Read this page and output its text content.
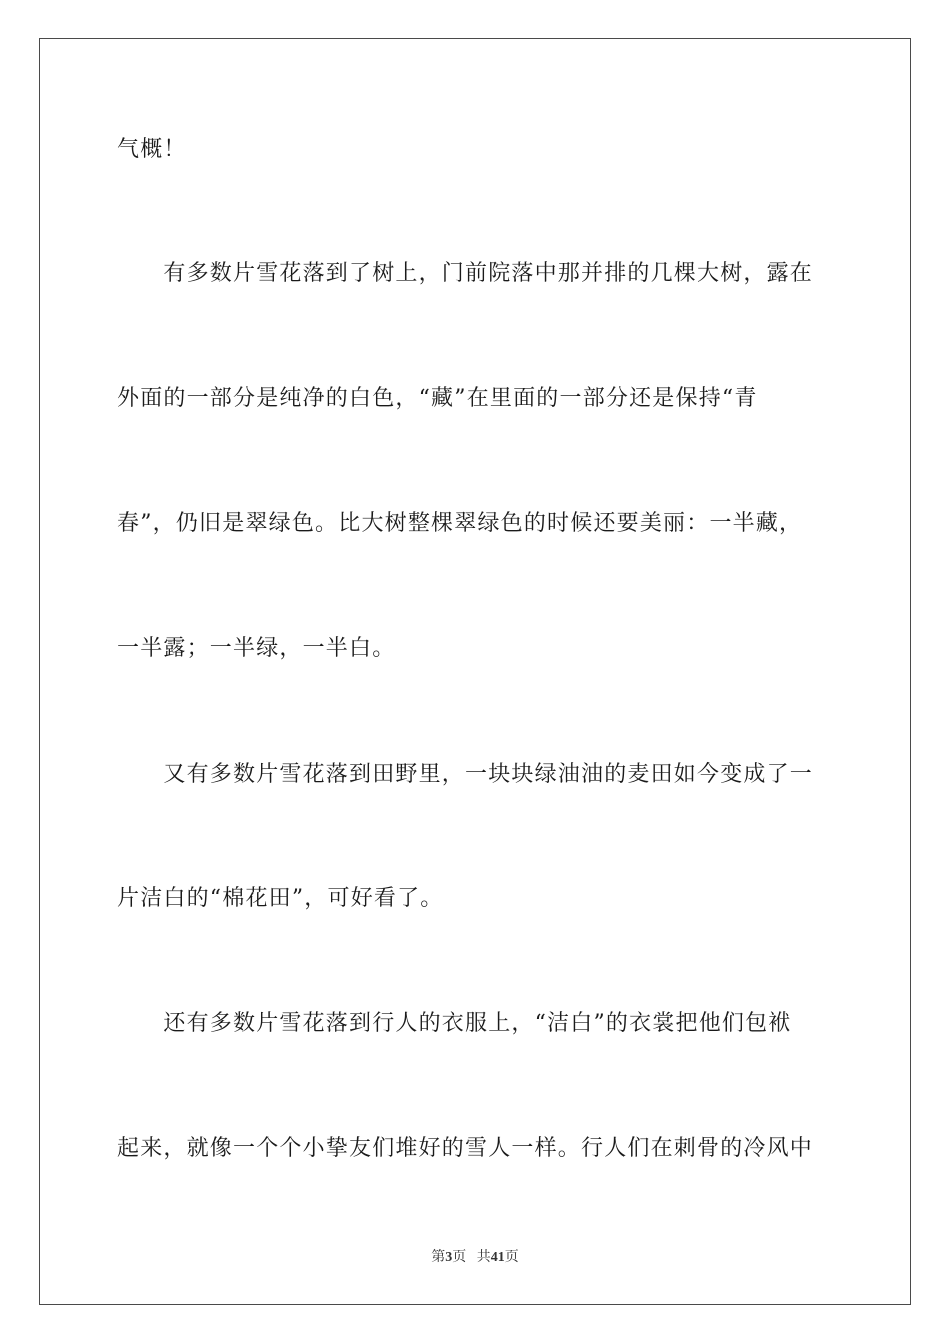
气概！
　　有多数片雪花落到了树上，门前院落中那并排的几棵大树，露在
外面的一部分是纯净的白色，“藏”在里面的一部分还是保持“青
春”，仍旧是翠绿色。比大树整棵翠绿色的时候还要美丽：一半藏，
一半露；一半绿，一半白。
　　又有多数片雪花落到田野里，一块块绿油油的麦田如今变成了一
片洁白的“棉花田”，可好看了。
　　还有多数片雪花落到行人的衣服上，“洁白”的衣裳把他们包袱
起来，就像一个个小挚友们堆好的雪人一样。行人们在刺骨的冷风中
第3页 共41页
